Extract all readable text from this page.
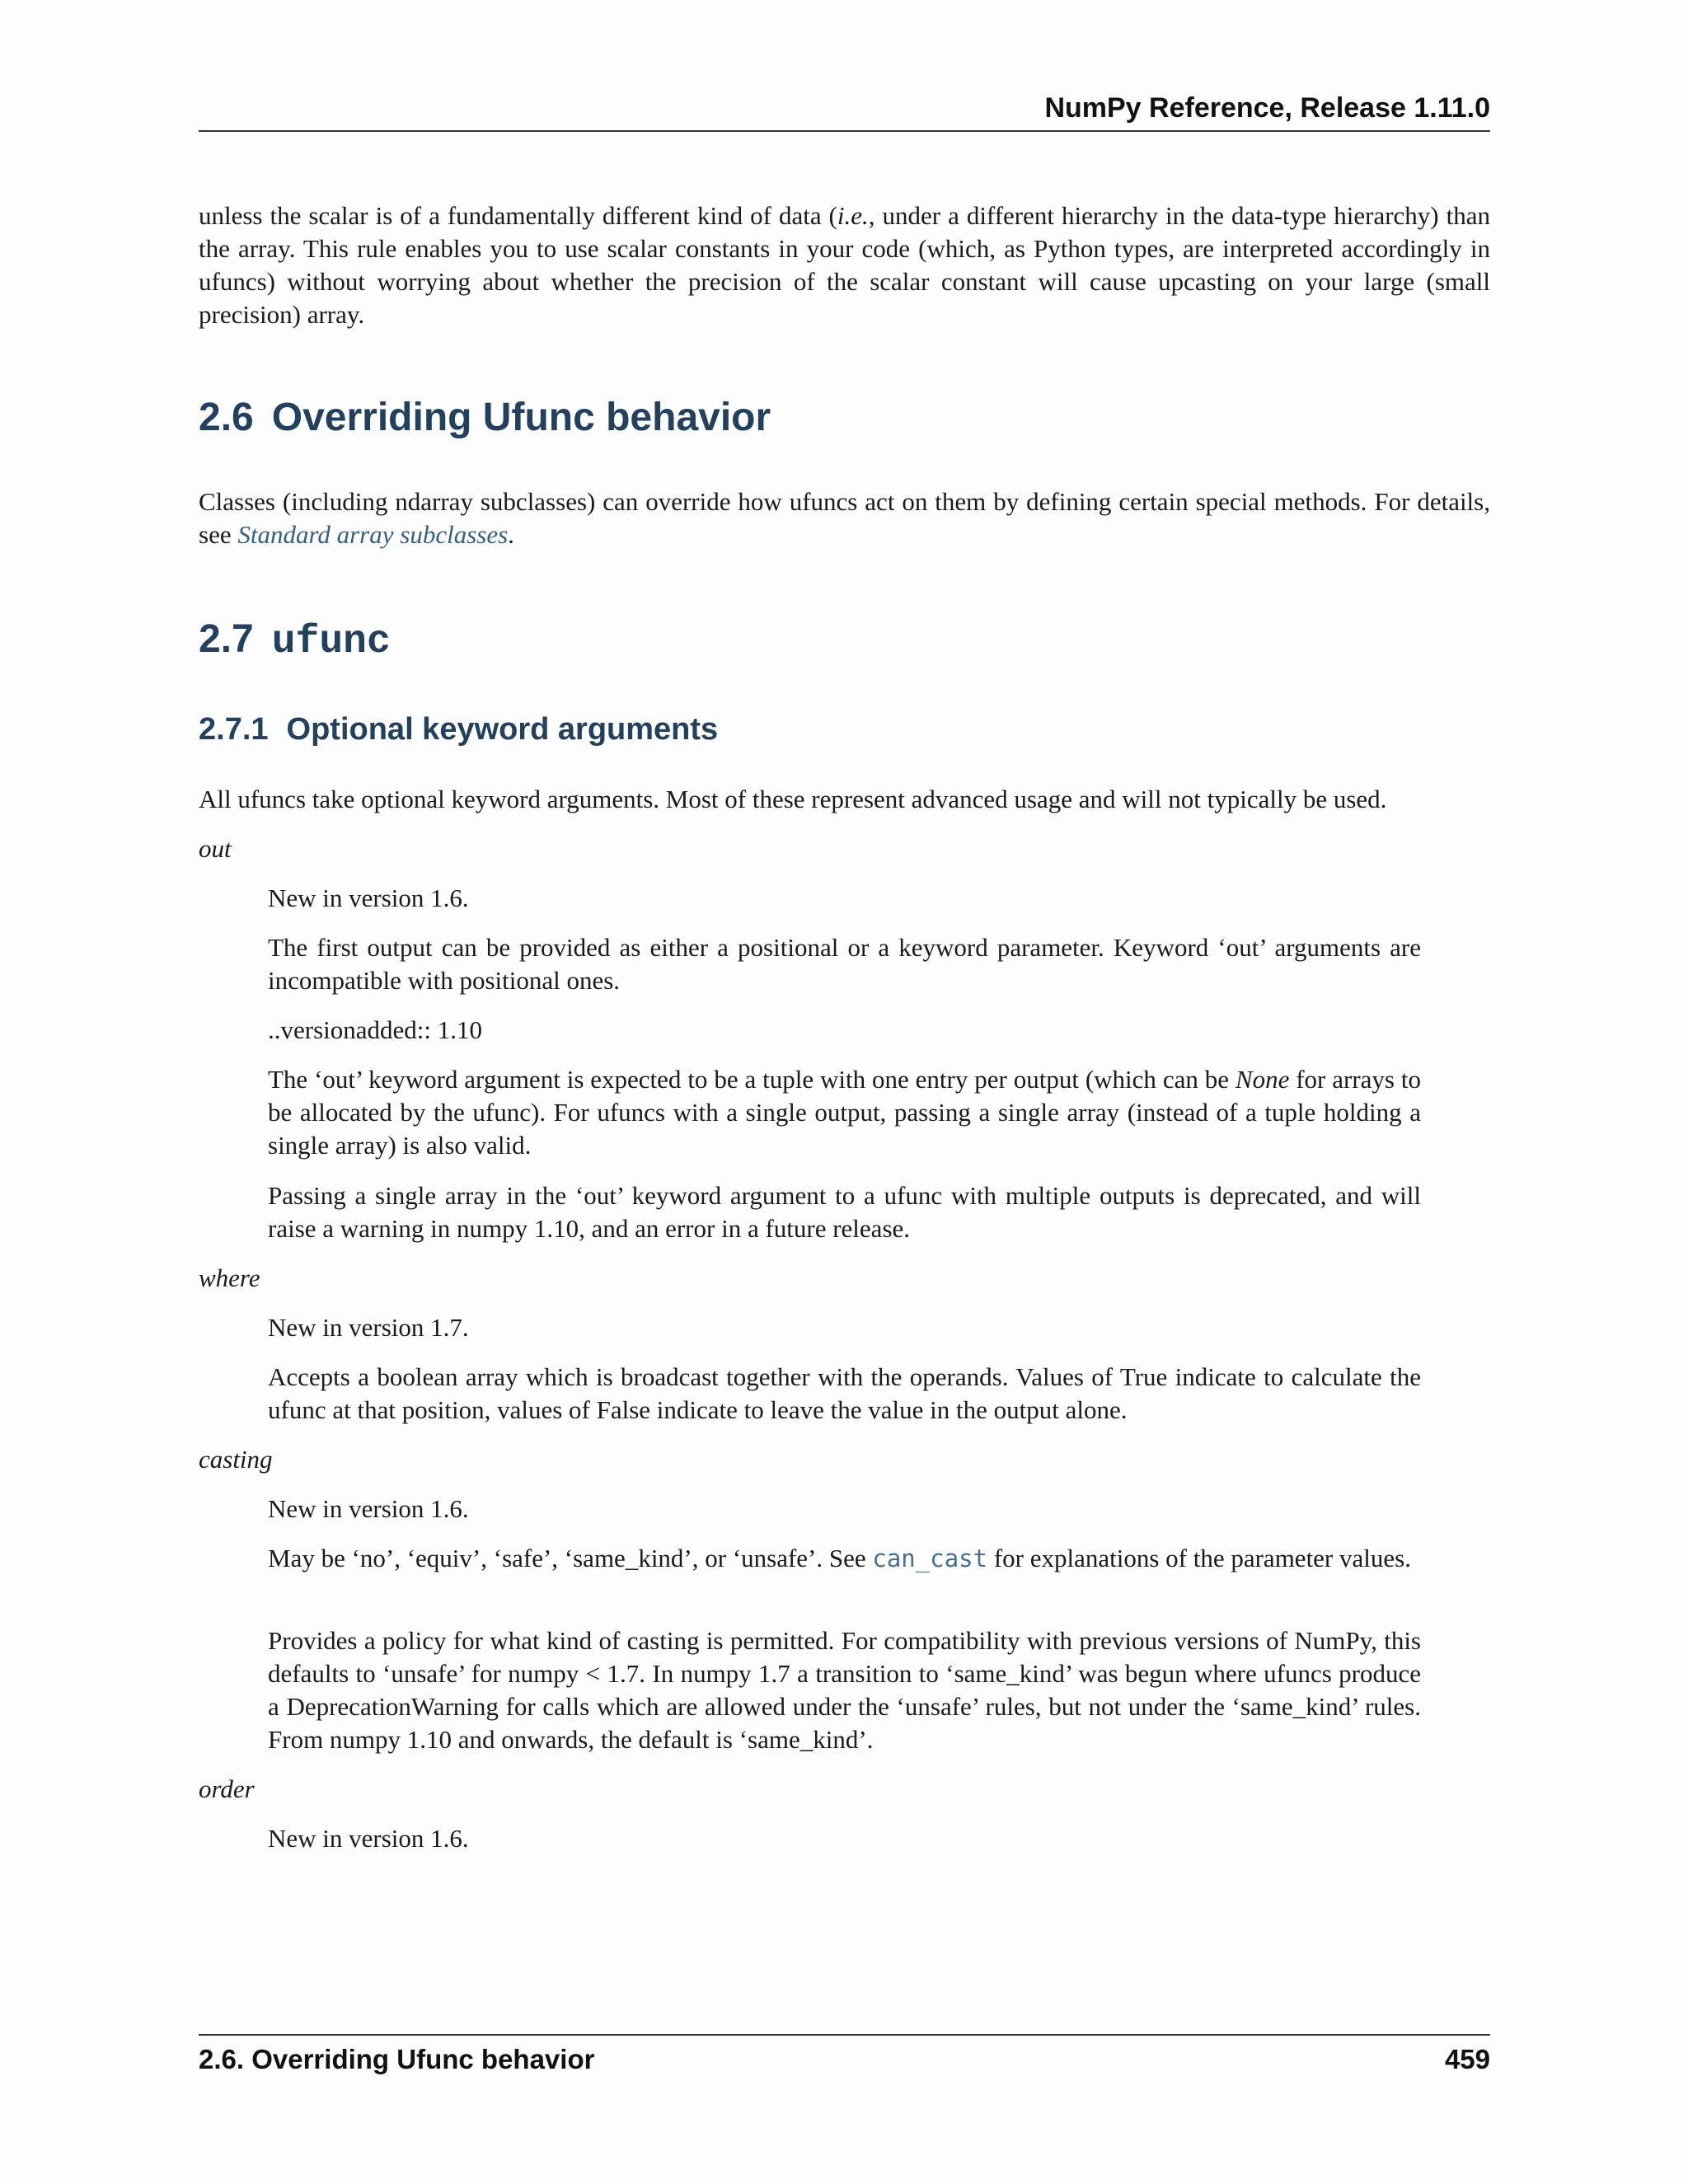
NumPy Reference, Release 1.11.0

unless the scalar is of a fundamentally different kind of data (i.e., under a different hierarchy in the data-type hierarchy) than the array. This rule enables you to use scalar constants in your code (which, as Python types, are interpreted accordingly in ufuncs) without worrying about whether the precision of the scalar constant will cause upcasting on your large (small precision) array.

2.6 Overriding Ufunc behavior

Classes (including ndarray subclasses) can override how ufuncs act on them by defining certain special methods. For details, see Standard array subclasses.

2.7 ufunc
2.7.1 Optional keyword arguments

All ufuncs take optional keyword arguments. Most of these represent advanced usage and will not typically be used.

out

New in version 1.6.

The first output can be provided as either a positional or a keyword parameter. Keyword ‘out’ arguments are incompatible with positional ones.

..versionadded:: 1.10

The ‘out’ keyword argument is expected to be a tuple with one entry per output (which can be None for arrays to be allocated by the ufunc). For ufuncs with a single output, passing a single array (instead of a tuple holding a single array) is also valid.

Passing a single array in the ‘out’ keyword argument to a ufunc with multiple outputs is deprecated, and will raise a warning in numpy 1.10, and an error in a future release.

where

New in version 1.7.

Accepts a boolean array which is broadcast together with the operands. Values of True indicate to calculate the ufunc at that position, values of False indicate to leave the value in the output alone.

casting

New in version 1.6.

May be ‘no’, ‘equiv’, ‘safe’, ‘same_kind’, or ‘unsafe’. See can_cast for explanations of the parameter values.

Provides a policy for what kind of casting is permitted. For compatibility with previous versions of NumPy, this defaults to ‘unsafe’ for numpy < 1.7. In numpy 1.7 a transition to ‘same_kind’ was begun where ufuncs produce a DeprecationWarning for calls which are allowed under the ‘unsafe’ rules, but not under the ‘same_kind’ rules. From numpy 1.10 and onwards, the default is ‘same_kind’.

order

New in version 1.6.

2.6. Overriding Ufunc behavior	459
